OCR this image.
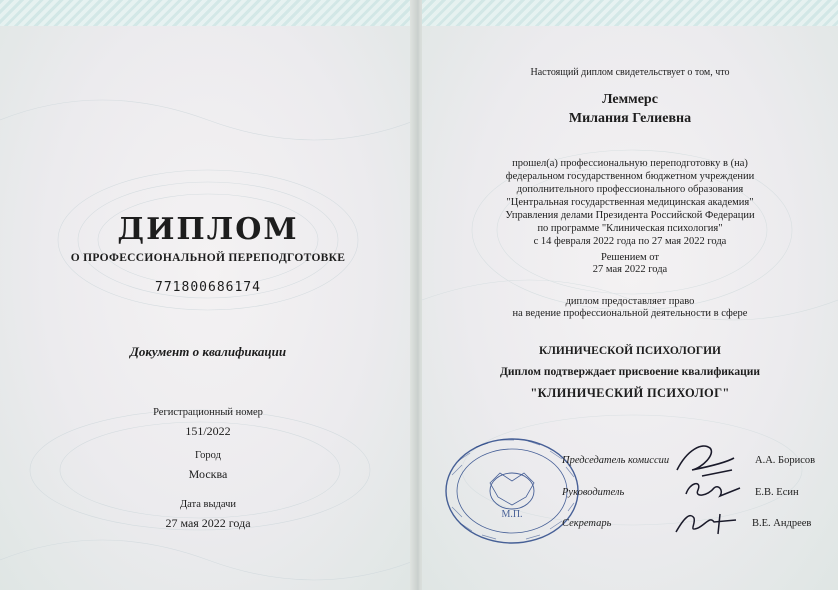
ДИПЛОМ
О ПРОФЕССИОНАЛЬНОЙ ПЕРЕПОДГОТОВКЕ
771800686174
Документ о квалификации
Регистрационный номер
151/2022
Город
Москва
Дата выдачи
27 мая 2022 года
Настоящий диплом свидетельствует о том, что
Леммерс
Милания Гелиевна
прошел(а) профессиональную переподготовку в (на)
федеральном государственном бюджетном учреждении
дополнительного профессионального образования
"Центральная государственная медицинская академия"
Управления делами Президента Российской Федерации
по программе "Клиническая психология"
с 14 февраля 2022 года по 27 мая 2022 года
Решением от
27 мая 2022 года
диплом предоставляет право
на ведение профессиональной деятельности в сфере
КЛИНИЧЕСКОЙ ПСИХОЛОГИИ
Диплом подтверждает присвоение квалификации
"КЛИНИЧЕСКИЙ ПСИХОЛОГ"
М.П.
Председатель комиссии	А.А. Борисов
Руководитель	Е.В. Есин
Секретарь	В.Е. Андреев
